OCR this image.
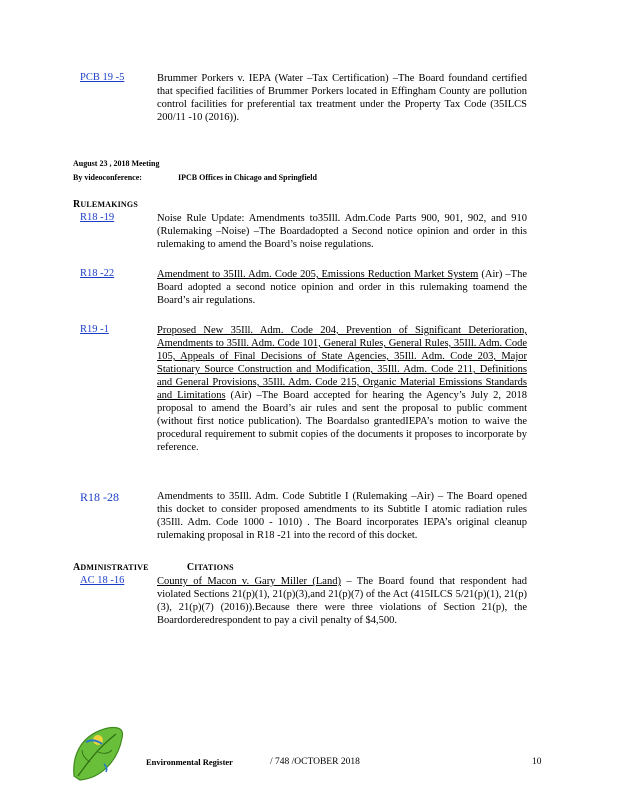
PCB 19 -5	Brummer Porkers v. IEPA (Water –Tax Certification) –The Board foundand certified that specified facilities of Brummer Porkers located in Effingham County are pollution control facilities for preferential tax treatment under the Property Tax Code (35ILCS 200/11 -10 (2016)).
August 23 , 2018 Meeting
By videoconference:	IPCB Offices in Chicago and Springfield
RULEMAKINGS
R18 -19	Noise Rule Update: Amendments to35Ill. Adm.Code Parts 900, 901, 902, and 910 (Rulemaking –Noise) –The Boardadopted a Second notice opinion and order in this rulemaking to amend the Board’s noise regulations.
R18 -22	Amendment to 35Ill. Adm. Code 205, Emissions Reduction Market System (Air) –The Board adopted a second notice opinion and order in this rulemaking toamend the Board’s air regulations.
R19 -1	Proposed New 35Ill. Adm. Code 204, Prevention of Significant Deterioration, Amendments to 35Ill. Adm. Code 101, General Rules, General Rules, 35Ill. Adm. Code 105, Appeals of Final Decisions of State Agencies, 35Ill. Adm. Code 203, Major Stationary Source Construction and Modification, 35Ill. Adm. Code 211, Definitions and General Provisions, 35Ill. Adm. Code 215, Organic Material Emissions Standards and Limitations (Air) –The Board accepted for hearing the Agency’s July 2, 2018 proposal to amend the Board’s air rules and sent the proposal to public comment (without first notice publication). The Boardalso grantedIEPA’s motion to waive the procedural requirement to submit copies of the documents it proposes to incorporate by reference.
R18 -28	Amendments to 35Ill. Adm. Code Subtitle I (Rulemaking –Air) – The Board opened this docket to consider proposed amendments to its Subtitle I atomic radiation rules (35Ill. Adm. Code 1000 - 1010) . The Board incorporates IEPA’s original cleanup rulemaking proposal in R18 -21 into the record of this docket.
ADMINISTRATIVE	CITATIONS
AC 18 -16	County of Macon v. Gary Miller (Land) – The Board found that respondent had violated Sections 21(p)(1), 21(p)(3),and 21(p)(7) of the Act (415ILCS 5/21(p)(1), 21(p)(3), 21(p)(7) (2016)).Because there were three violations of Section 21(p), the Boardorderedrespondent to pay a civil penalty of $4,500.
Environmental Register	/ 748 /OCTOBER 2018	10
